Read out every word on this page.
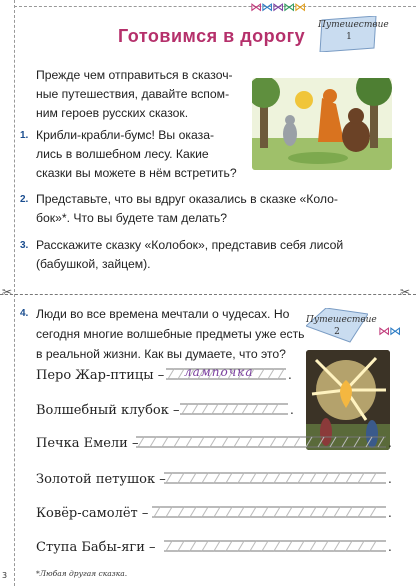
✂	✂
⋈⋈⋈⋈⋈
⋈⋈
Готовимся в дорогу
Путешествие
1
Прежде чем отправиться в сказоч-
ные путешествия, давайте вспом-
ним героев русских сказок.
1. Крибли-крабли-бумс! Вы оказа-
лись в волшебном лесу. Какие
сказки вы можете в нём встретить?
2. Представьте, что вы вдруг оказались в сказке «Коло-
бок»*. Что вы будете там делать?
3. Расскажите сказку «Колобок», представив себя лисой
(бабушкой, зайцем).
Путешествие
2
4. Люди во все времена мечтали о чудесах. Но
сегодня многие волшебные предметы уже есть
в реальной жизни. Как вы думаете, что это?
Перо Жар-птицы – лампочка	.
Волшебный клубок –	.
Печка Емели –	.
Золотой петушок –	.
Ковёр-самолёт –	.
Ступа Бабы-яги –	.
*Любая другая сказка.
3
